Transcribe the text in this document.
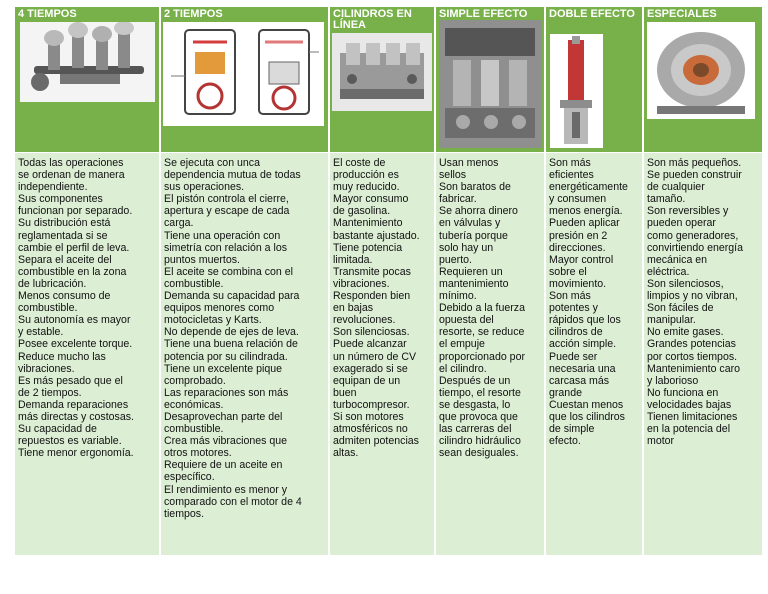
4 TIEMPOS
Todas las operaciones
se ordenan de manera
independiente.
Sus componentes
funcionan por separado.
Su distribución está
reglamentada si se
cambie el perfil de leva.
Separa el aceite del
combustible en la zona
de lubricación.
Menos consumo de
combustible.
Su autonomía es mayor
y estable.
Posee excelente torque.
Reduce mucho las
vibraciones.
Es más pesado que el
de 2 tiempos.
Demanda reparaciones
más directas y costosas.
Su capacidad de
repuestos es variable.
Tiene menor ergonomía.
2 TIEMPOS
Se ejecuta con unca
dependencia mutua de todas
sus operaciones.
El pistón controla el cierre,
apertura y escape de cada
carga.
Tiene una operación con
simetría con relación a los
puntos muertos.
El aceite se combina con el
combustible.
Demanda su capacidad para
equipos menores como
motocicletas y Karts.
No depende de ejes de leva.
Tiene una buena relación de
potencia por su cilindrada.
Tiene un excelente pique
comprobado.
Las reparaciones son más
económicas.
Desaprovechan parte del
combustible.
Crea más vibraciones que
otros motores.
Requiere de un aceite en
específico.
El rendimiento es menor y
comparado con el motor de 4
tiempos.
CILINDROS EN LÍNEA
El coste de
producción es
muy reducido.
Mayor consumo
de gasolina.
Mantenimiento
bastante ajustado.
Tiene potencia
limitada.
Transmite pocas
vibraciones.
Responden bien
en bajas
revoluciones.
Son silenciosas.
Puede alcanzar
un número de CV
exagerado si se
equipan de un
buen
turbocompresor.
Si son motores
atmosféricos no
admiten potencias
altas.
SIMPLE EFECTO
Usan menos
sellos
Son baratos de
fabricar.
Se ahorra dinero
en válvulas y
tubería porque
solo hay un
puerto.
Requieren un
mantenimiento
mínimo.
Debido a la fuerza
opuesta del
resorte, se reduce
el empuje
proporcionado por
el cilindro.
Después de un
tiempo, el resorte
se desgasta, lo
que provoca que
las carreras del
cilindro hidráulico
sean desiguales.
DOBLE EFECTO
Son más
eficientes
energéticamente
y consumen
menos energía.
Pueden aplicar
presión en 2
direcciones.
Mayor control
sobre el
movimiento.
Son más
potentes y
rápidos que los
cilindros de
acción simple.
Puede ser
necesaria una
carcasa más
grande
Cuestan menos
que los cilindros
de simple
efecto.
ESPECIALES
Son más pequeños.
Se pueden construir
de cualquier
tamaño.
Son reversibles y
pueden operar
como generadores,
convirtiendo energía
mecánica en
eléctrica.
Son silenciosos,
limpios y no vibran,
Son fáciles de
manipular.
No emite gases.
Grandes potencias
por cortos tiempos.
Mantenimiento caro
y laborioso
No funciona en
velocidades bajas
Tienen limitaciones
en la potencia del
motor
